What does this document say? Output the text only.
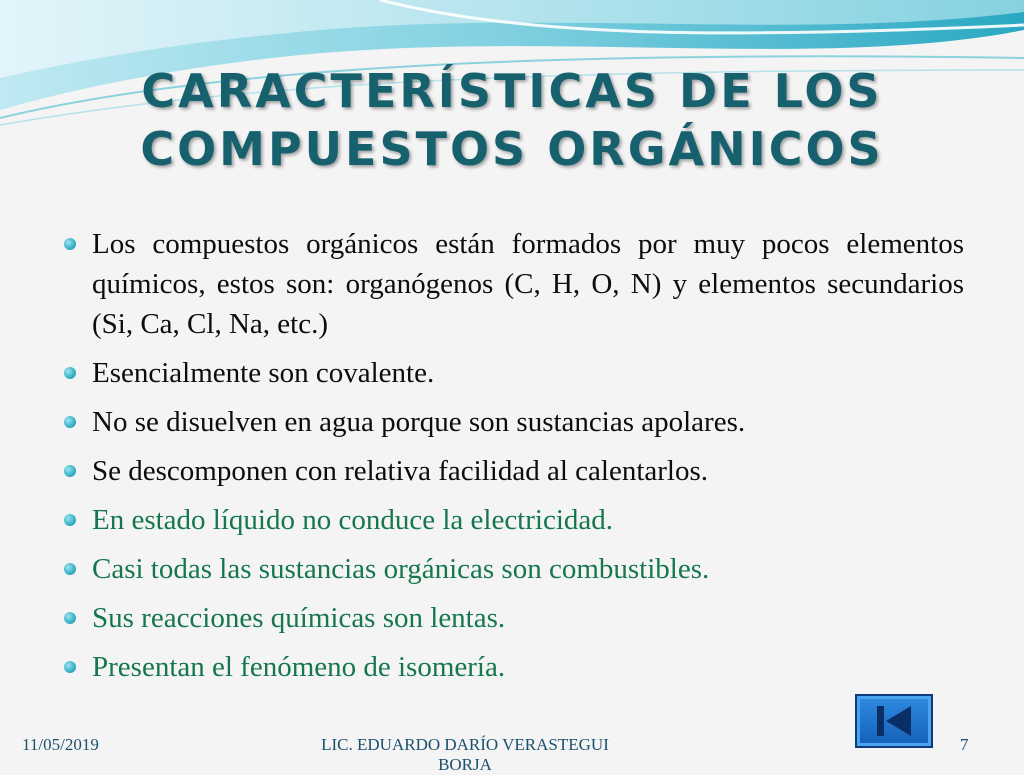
CARACTERÍSTICAS DE LOS
COMPUESTOS ORGÁNICOS
Los compuestos orgánicos están formados por muy pocos elementos químicos, estos son: organógenos (C, H, O, N) y elementos secundarios (Si, Ca, Cl, Na, etc.)
Esencialmente son covalente.
No se disuelven en agua porque son sustancias apolares.
Se descomponen con relativa facilidad al calentarlos.
En estado líquido no conduce la electricidad.
Casi todas las sustancias orgánicas son combustibles.
Sus reacciones químicas son lentas.
Presentan el fenómeno de isomería.
11/05/2019	LIC. EDUARDO DARÍO VERASTEGUI BORJA
7
